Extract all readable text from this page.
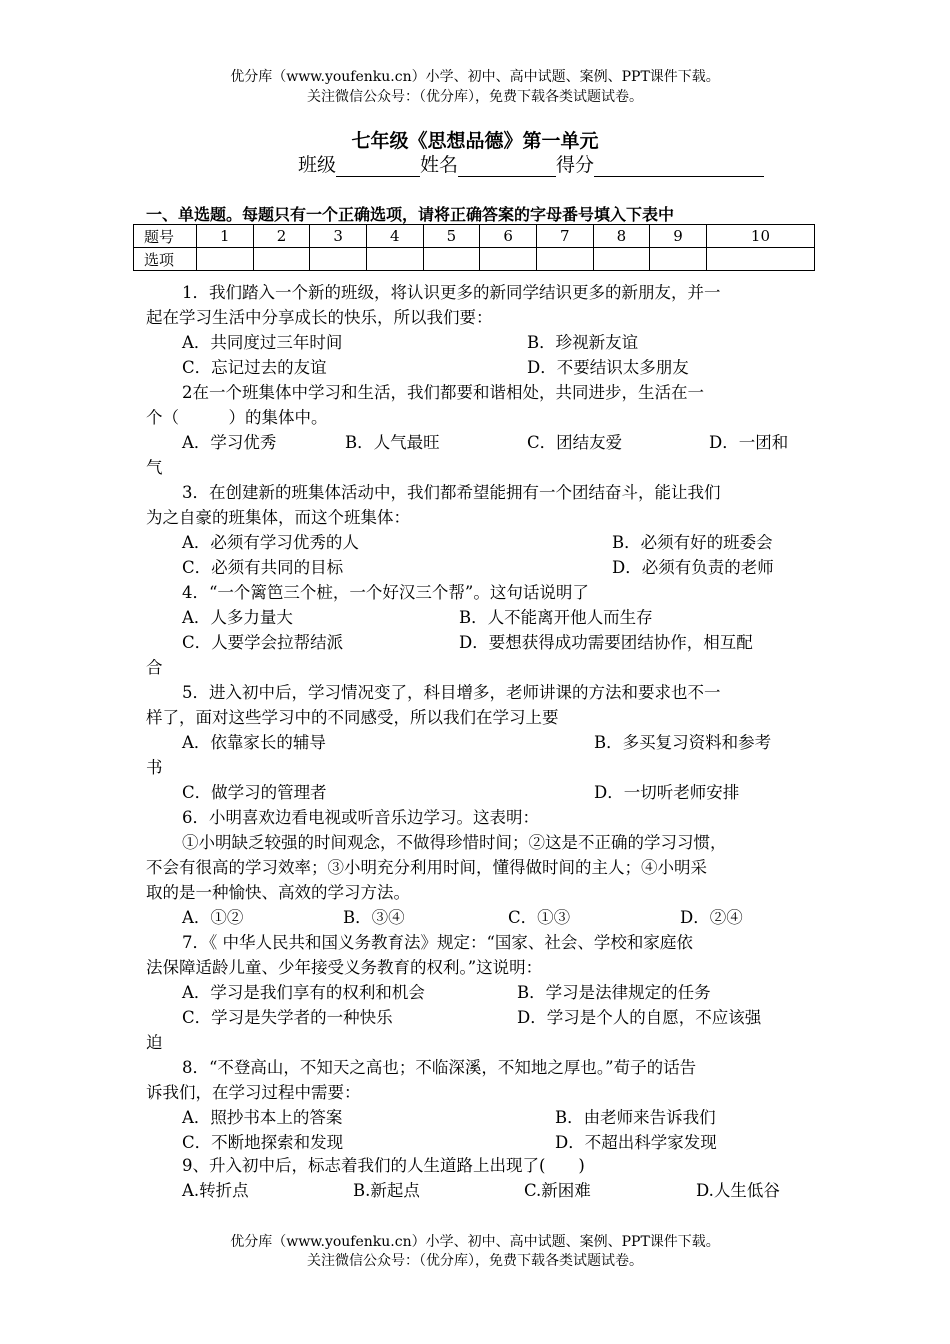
优分库（www.youfenku.cn）小学、初中、高中试题、案例、PPT课件下载。
关注微信公众号：（优分库），免费下载各类试题试卷。
七年级《思想品德》第一单元
班级	姓名	得分
一、单选题。每题只有一个正确选项，请将正确答案的字母番号填入下表中
题号	1	2	3	4	5	6	7	8	9	10
选项										
1．我们踏入一个新的班级，将认识更多的新同学结识更多的新朋友，并一
起在学习生活中分享成长的快乐，所以我们要：
A．共同度过三年时间	B．珍视新友谊
C．忘记过去的友谊	D．不要结识太多朋友
2在一个班集体中学习和生活，我们都要和谐相处，共同进步，生活在一
个（　　　）的集体中。
A．学习优秀	B．人气最旺	C．团结友爱	D．一团和
气
3．在创建新的班集体活动中，我们都希望能拥有一个团结奋斗，能让我们
为之自豪的班集体，而这个班集体：
A．必须有学习优秀的人	B．必须有好的班委会
C．必须有共同的目标	D．必须有负责的老师
4．“一个篱笆三个桩，一个好汉三个帮”。这句话说明了
A．人多力量大	B．人不能离开他人而生存
C．人要学会拉帮结派	D．要想获得成功需要团结协作，相互配
合
5．进入初中后，学习情况变了，科目增多，老师讲课的方法和要求也不一
样了，面对这些学习中的不同感受，所以我们在学习上要
A．依靠家长的辅导	B．多买复习资料和参考
书
C．做学习的管理者	D．一切听老师安排
6．小明喜欢边看电视或听音乐边学习。这表明：
①小明缺乏较强的时间观念，不做得珍惜时间；②这是不正确的学习习惯，
不会有很高的学习效率；③小明充分利用时间，懂得做时间的主人；④小明采
取的是一种愉快、高效的学习方法。
A．①②	B．③④	C．①③	D．②④
7．《 中华人民共和国义务教育法》规定：“国家、社会、学校和家庭依
法保障适龄儿童、少年接受义务教育的权利。”这说明：
A．学习是我们享有的权利和机会	B．学习是法律规定的任务
C．学习是失学者的一种快乐	D．学习是个人的自愿，不应该强
迫
8．“不登高山，不知天之高也；不临深溪，不知地之厚也。”荀子的话告
诉我们，在学习过程中需要：
A．照抄书本上的答案	B．由老师来告诉我们
C．不断地探索和发现	D．不超出科学家发现
9、升入初中后，标志着我们的人生道路上出现了(　　)
A.转折点	B.新起点	C.新困难	D.人生低谷
优分库（www.youfenku.cn）小学、初中、高中试题、案例、PPT课件下载。
关注微信公众号：（优分库），免费下载各类试题试卷。
